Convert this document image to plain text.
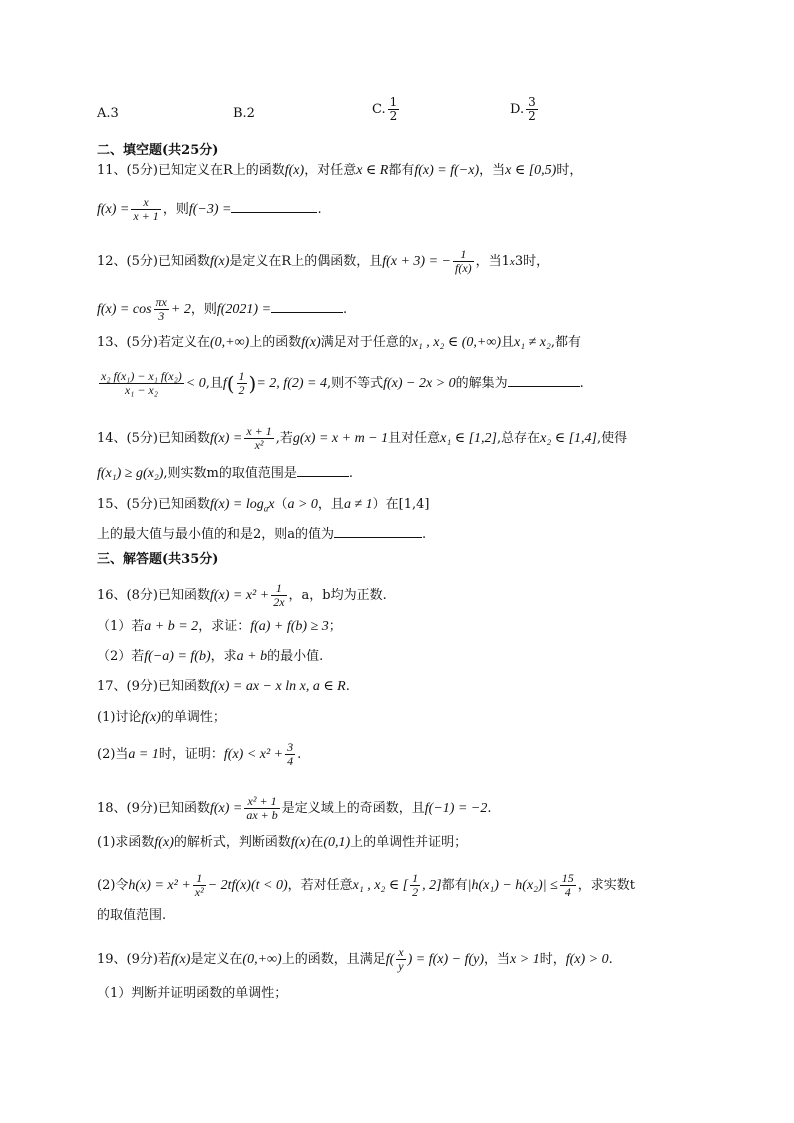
A.3	B.2	C. $\frac{1}{2}$	D. $\frac{3}{2}$
二、填空题(共25分)
11、(5分)已知定义在R上的函数f(x)，对任意x ∈ R都有f(x) = f(−x)，当x ∈ [0,5)时，
$f(x) = \frac{x}{x + 1}$ ，则f(−3) =	.
12、(5分)已知函数f(x)是定义在R上的偶函数，且f(x + 3) = − $\frac{1}{f(x)}$ ，当1x3时，
$f(x) = \cos \frac{\pi x}{3} + 2$，则f(2021) =	.
13、(5分)若定义在(0,+∞)上的函数f(x)满足对于任意的x₁ , x₂ ∈ (0,+∞)且x₁ ≠ x₂,都有
$\frac{\text{x₂ f(x₁) − x₁ f(x₂)}}{\text{x₁ − x₂}} < 0$,且$f( \frac{1}{2}$ )= 2, f(2) = 4,则不等式f(x) − 2x > 0的解集为	.
14、(5分)已知函数$f(x) = \frac{x + 1}{\text{x²}}$ ,若g(x) = x + m − 1且对任意x₁ ∈ [1,2],总存在x₂ ∈ [1,4],使得
f(x₁) ≥ g(x₂),则实数m的取值范围是	.
15、(5分)已知函数$f(x) = \log_ax(a > 0$，且a ≠ 1）在[1,4]
上的最大值与最小值的和是2，则a的值为	.
三、解答题(共35分)
16、(8分)已知函数$f(x) = x^2 + \frac{1}{2x}$ ，a，b均为正数.
（1）若a + b = 2，求证：f(a) + f(b) ≥ 3；
（2）若f(−a) = f(b)，求a + b的最小值.
17、(9分)已知函数f(x) = ax − x ln x, a ∈ R.
(1)讨论f(x)的单调性；
(2)当a = 1时，证明：$f(x) < x^2 + \frac{3}{4}$ .
18、(9分)已知函数$f(x) = \frac{\text{x² + 1}}{ax + b}$ 是定义域上的奇函数，且f(−1) = −2.
(1)求函数f(x)的解析式，判断函数f(x)在(0,1)上的单调性并证明；
(2)令$h(x) = x^2 + \frac{1}{\text{x²}} - 2tf(x)(t < 0)$，若对任意x₁ , x₂ ∈ [ $\frac{1}{2}$ , 2]都有$|h(x_1) - h(x_2)| \le \frac{15}{4}$ ，求实数t
的取值范围.
19、(9分)若f(x)是定义在(0,+∞)上的函数，且满足$f( \frac{x}{y}$ ) = f(x) − f(y)，当x > 1时，f(x) > 0.
（1）判断并证明函数的单调性；
